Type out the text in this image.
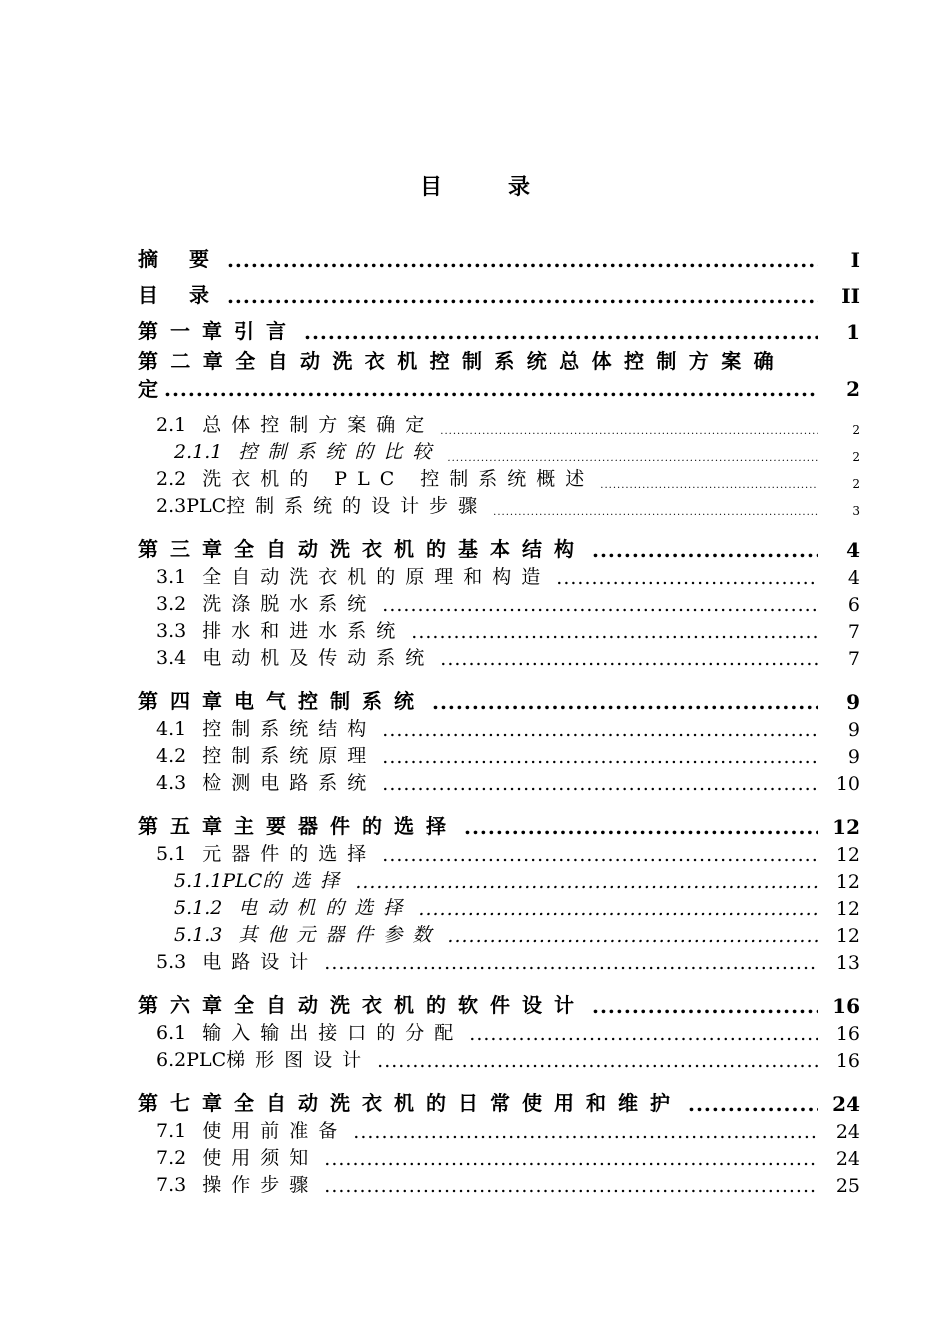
目　录
摘 要 .....	I
目 录 .....	II
第一章引言 .....	1
第二章全自动洗衣机控制系统总体控制方案确
定 .....	2
2.1 总体控制方案确定 .....	2
2.1.1 控制系统的比较 .....	2
2.2 洗衣机的 PLC 控制系统概述 .....	2
2.3PLC控制系统的设计步骤 .....	3
第三章全自动洗衣机的基本结构 .....	4
3.1 全自动洗衣机的原理和构造 .....	4
3.2 洗涤脱水系统 .....	6
3.3 排水和进水系统 .....	7
3.4 电动机及传动系统 .....	7
第四章电气控制系统 .....	9
4.1 控制系统结构 .....	9
4.2 控制系统原理 .....	9
4.3 检测电路系统 .....	10
第五章主要器件的选择 .....	12
5.1 元器件的选择 .....	12
5.1.1PLC的选择 .....	12
5.1.2 电动机的选择 .....	12
5.1.3 其他元器件参数 .....	12
5.3 电路设计 .....	13
第六章全自动洗衣机的软件设计 .....	16
6.1 输入输出接口的分配 .....	16
6.2PLC梯形图设计 .....	16
第七章全自动洗衣机的日常使用和维护 .....	24
7.1 使用前准备 .....	24
7.2 使用须知 .....	24
7.3 操作步骤 .....	25
